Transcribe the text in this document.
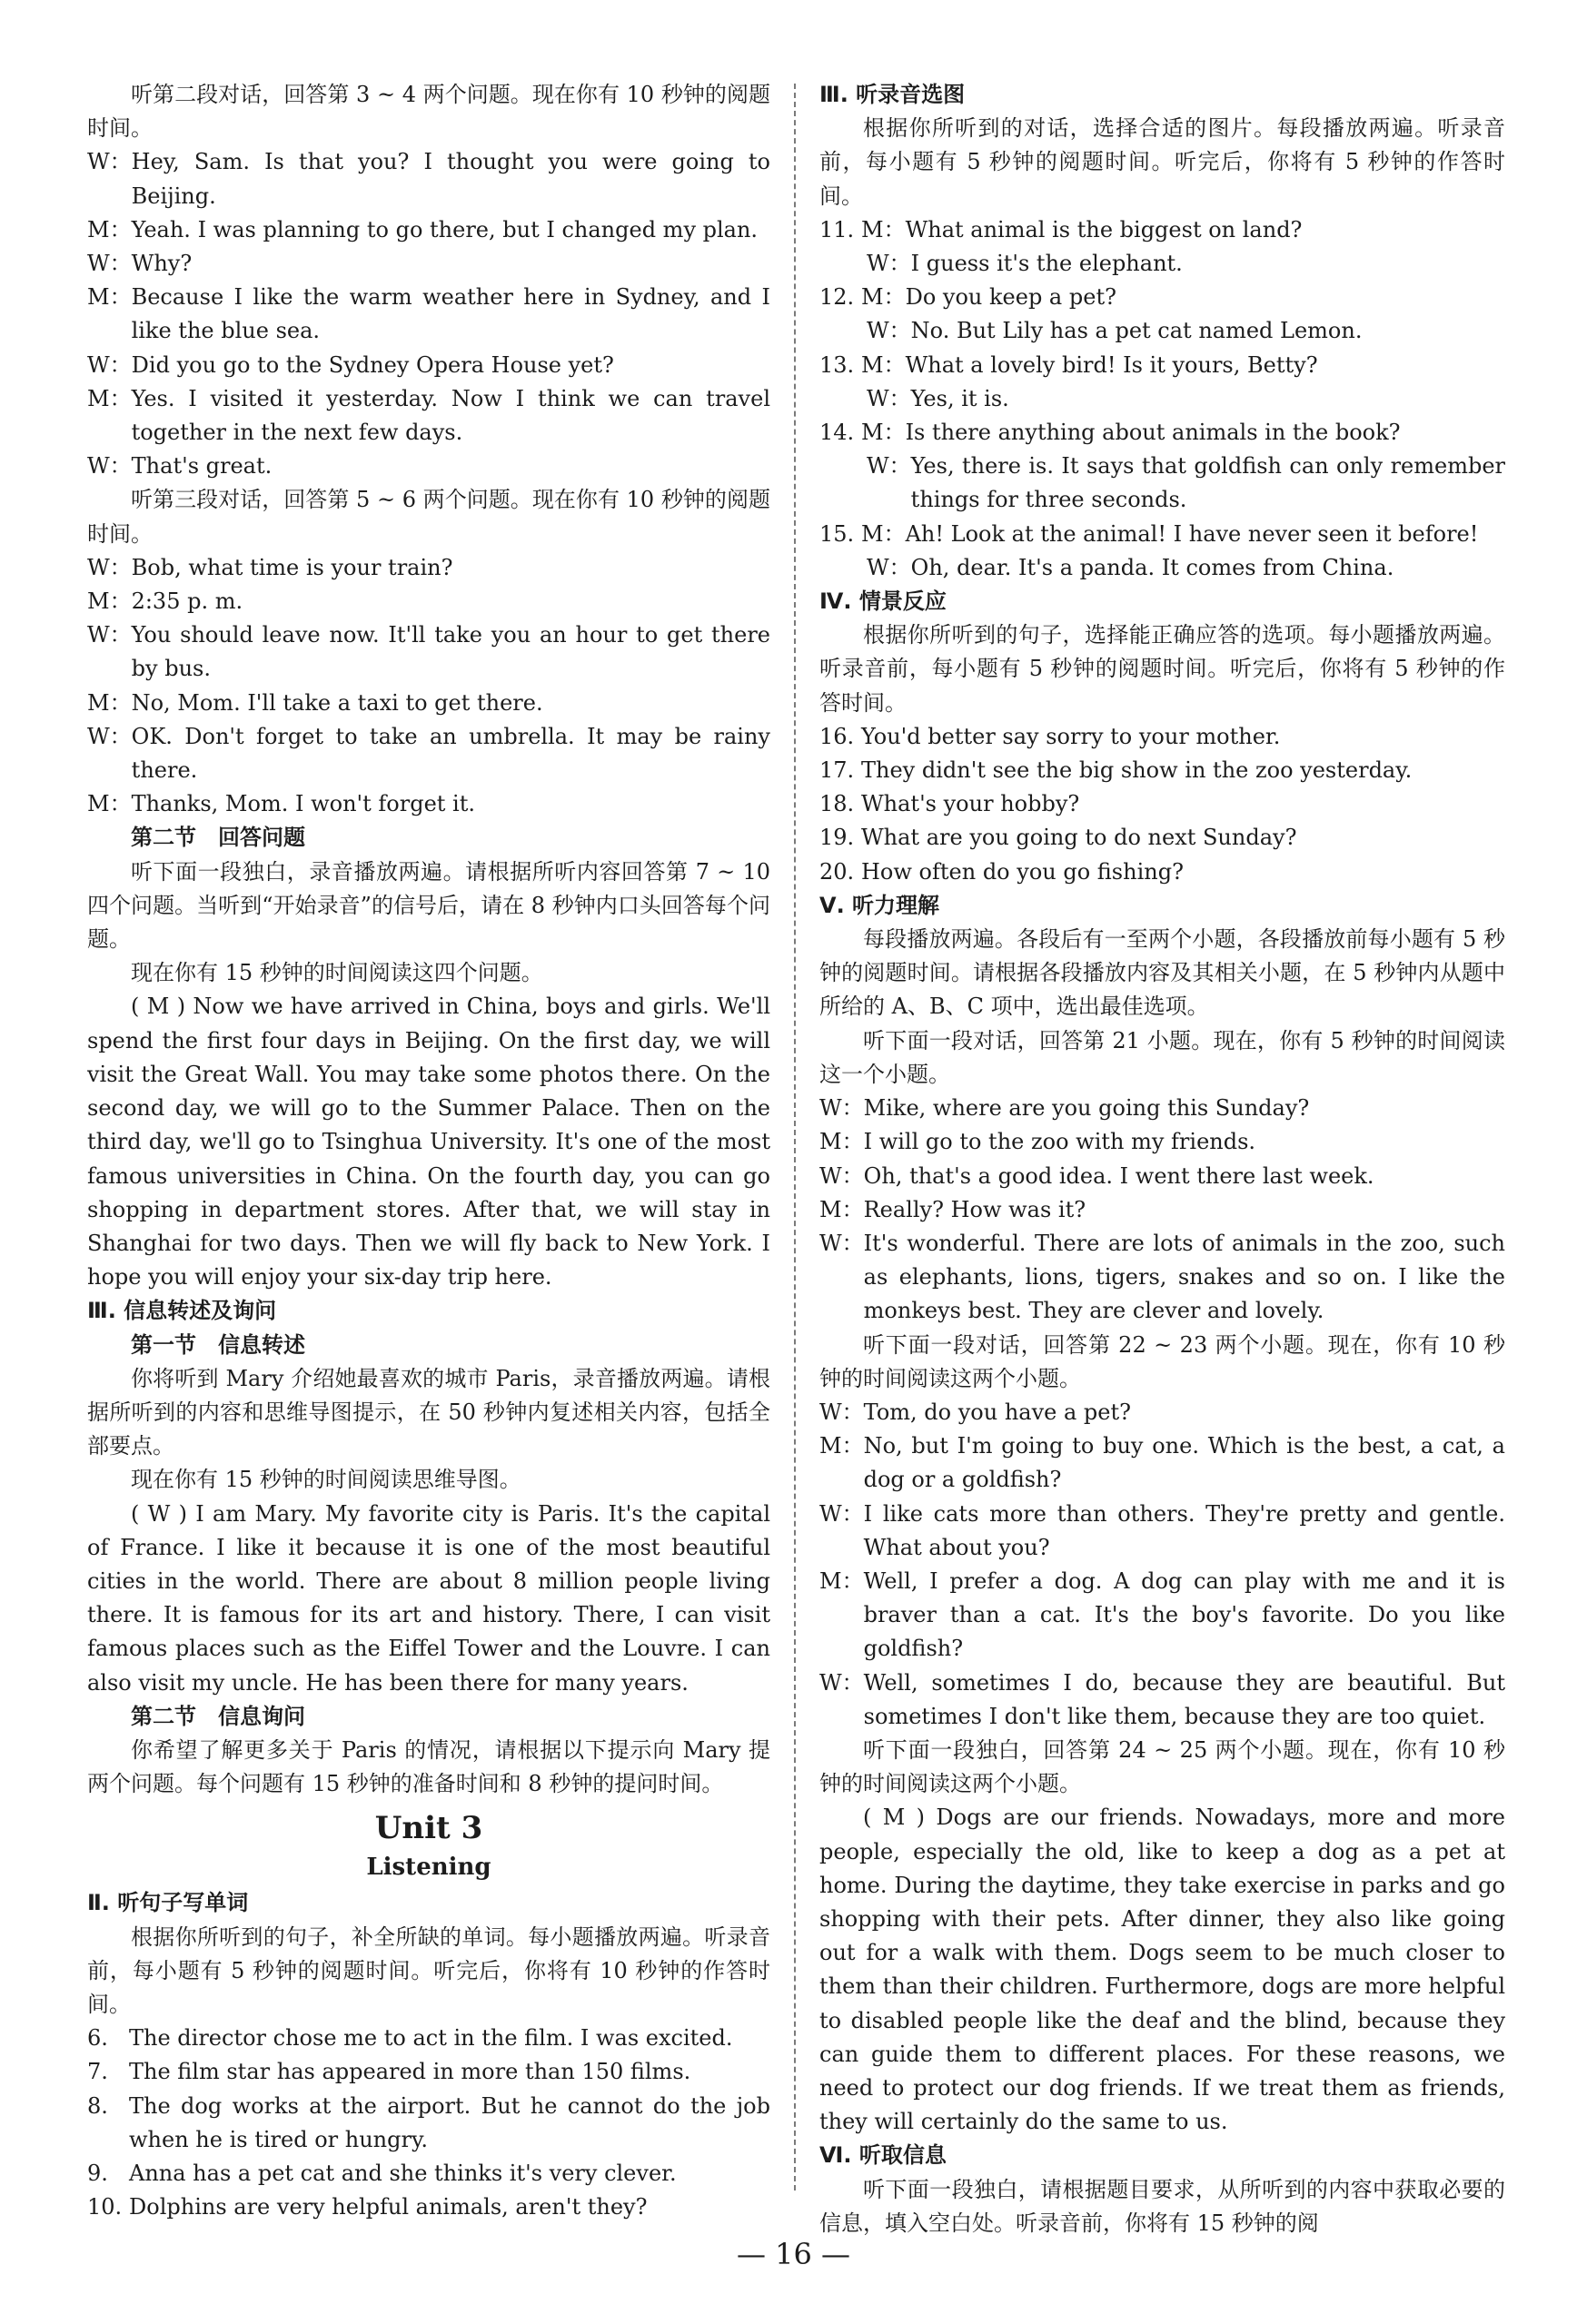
听第二段对话，回答第 3 ~ 4 两个问题。现在你有 10 秒钟的阅题时间。

W： Hey, Sam. Is that you? I thought you were going to Beijing.
M： Yeah. I was planning to go there, but I changed my plan.
W： Why?
M： Because I like the warm weather here in Sydney, and I like the blue sea.
W： Did you go to the Sydney Opera House yet?
M： Yes. I visited it yesterday. Now I think we can travel together in the next few days.
W： That's great.

听第三段对话，回答第 5 ~ 6 两个问题。现在你有 10 秒钟的阅题时间。

W： Bob, what time is your train?
M： 2:35 p. m.
W： You should leave now. It'll take you an hour to get there by bus.
M： No, Mom. I'll take a taxi to get there.
W： OK. Don't forget to take an umbrella. It may be rainy there.
M： Thanks, Mom. I won't forget it.

第二节　回答问题

听下面一段独白，录音播放两遍。请根据所听内容回答第 7 ~ 10 四个问题。当听到“开始录音”的信号后，请在 8 秒钟内口头回答每个问题。

现在你有 15 秒钟的时间阅读这四个问题。

( M ) Now we have arrived in China, boys and girls. We'll spend the first four days in Beijing. On the first day, we will visit the Great Wall. You may take some photos there. On the second day, we will go to the Summer Palace. Then on the third day, we'll go to Tsinghua University. It's one of the most famous universities in China. On the fourth day, you can go shopping in department stores. After that, we will stay in Shanghai for two days. Then we will fly back to New York. I hope you will enjoy your six-day trip here.

Ⅲ. 信息转述及询问

第一节　信息转述

你将听到 Mary 介绍她最喜欢的城市 Paris，录音播放两遍。请根据所听到的内容和思维导图提示，在 50 秒钟内复述相关内容，包括全部要点。

现在你有 15 秒钟的时间阅读思维导图。

( W ) I am Mary. My favorite city is Paris. It's the capital of France. I like it because it is one of the most beautiful cities in the world. There are about 8 million people living there. It is famous for its art and history. There, I can visit famous places such as the Eiffel Tower and the Louvre. I can also visit my uncle. He has been there for many years.

第二节　信息询问

你希望了解更多关于 Paris 的情况，请根据以下提示向 Mary 提两个问题。每个问题有 15 秒钟的准备时间和 8 秒钟的提问时间。

Unit 3

Listening

Ⅱ. 听句子写单词

根据你所听到的句子，补全所缺的单词。每小题播放两遍。听录音前，每小题有 5 秒钟的阅题时间。听完后，你将有 10 秒钟的作答时间。

6. The director chose me to act in the film. I was excited.
7. The film star has appeared in more than 150 films.
8. The dog works at the airport. But he cannot do the job when he is tired or hungry.
9. Anna has a pet cat and she thinks it's very clever.
10. Dolphins are very helpful animals, aren't they?

Ⅲ. 听录音选图

根据你所听到的对话，选择合适的图片。每段播放两遍。听录音前，每小题有 5 秒钟的阅题时间。听完后，你将有 5 秒钟的作答时间。

11. M：What animal is the biggest on land?
W： I guess it's the elephant.
12. M：Do you keep a pet?
W： No. But Lily has a pet cat named Lemon.
13. M：What a lovely bird! Is it yours, Betty?
W： Yes, it is.
14. M：Is there anything about animals in the book?
W： Yes, there is. It says that goldfish can only remember things for three seconds.
15. M：Ah! Look at the animal! I have never seen it before!
W： Oh, dear. It's a panda. It comes from China.

Ⅳ. 情景反应

根据你所听到的句子，选择能正确应答的选项。每小题播放两遍。听录音前，每小题有 5 秒钟的阅题时间。听完后，你将有 5 秒钟的作答时间。

16. You'd better say sorry to your mother.
17. They didn't see the big show in the zoo yesterday.
18. What's your hobby?
19. What are you going to do next Sunday?
20. How often do you go fishing?

Ⅴ. 听力理解

每段播放两遍。各段后有一至两个小题，各段播放前每小题有 5 秒钟的阅题时间。请根据各段播放内容及其相关小题，在 5 秒钟内从题中所给的 A、B、C 项中，选出最佳选项。

听下面一段对话，回答第 21 小题。现在，你有 5 秒钟的时间阅读这一个小题。

W： Mike, where are you going this Sunday?
M： I will go to the zoo with my friends.
W： Oh, that's a good idea. I went there last week.
M： Really? How was it?
W： It's wonderful. There are lots of animals in the zoo, such as elephants, lions, tigers, snakes and so on. I like the monkeys best. They are clever and lovely.

听下面一段对话，回答第 22 ~ 23 两个小题。现在，你有 10 秒钟的时间阅读这两个小题。

W： Tom, do you have a pet?
M： No, but I'm going to buy one. Which is the best, a cat, a dog or a goldfish?
W： I like cats more than others. They're pretty and gentle. What about you?
M： Well, I prefer a dog. A dog can play with me and it is braver than a cat. It's the boy's favorite. Do you like goldfish?
W： Well, sometimes I do, because they are beautiful. But sometimes I don't like them, because they are too quiet.

听下面一段独白，回答第 24 ~ 25 两个小题。现在，你有 10 秒钟的时间阅读这两个小题。

( M ) Dogs are our friends. Nowadays, more and more people, especially the old, like to keep a dog as a pet at home. During the daytime, they take exercise in parks and go shopping with their pets. After dinner, they also like going out for a walk with them. Dogs seem to be much closer to them than their children. Furthermore, dogs are more helpful to disabled people like the deaf and the blind, because they can guide them to different places. For these reasons, we need to protect our dog friends. If we treat them as friends, they will certainly do the same to us.

Ⅵ. 听取信息

听下面一段独白，请根据题目要求，从所听到的内容中获取必要的信息，填入空白处。听录音前，你将有 15 秒钟的阅

— 16 —
